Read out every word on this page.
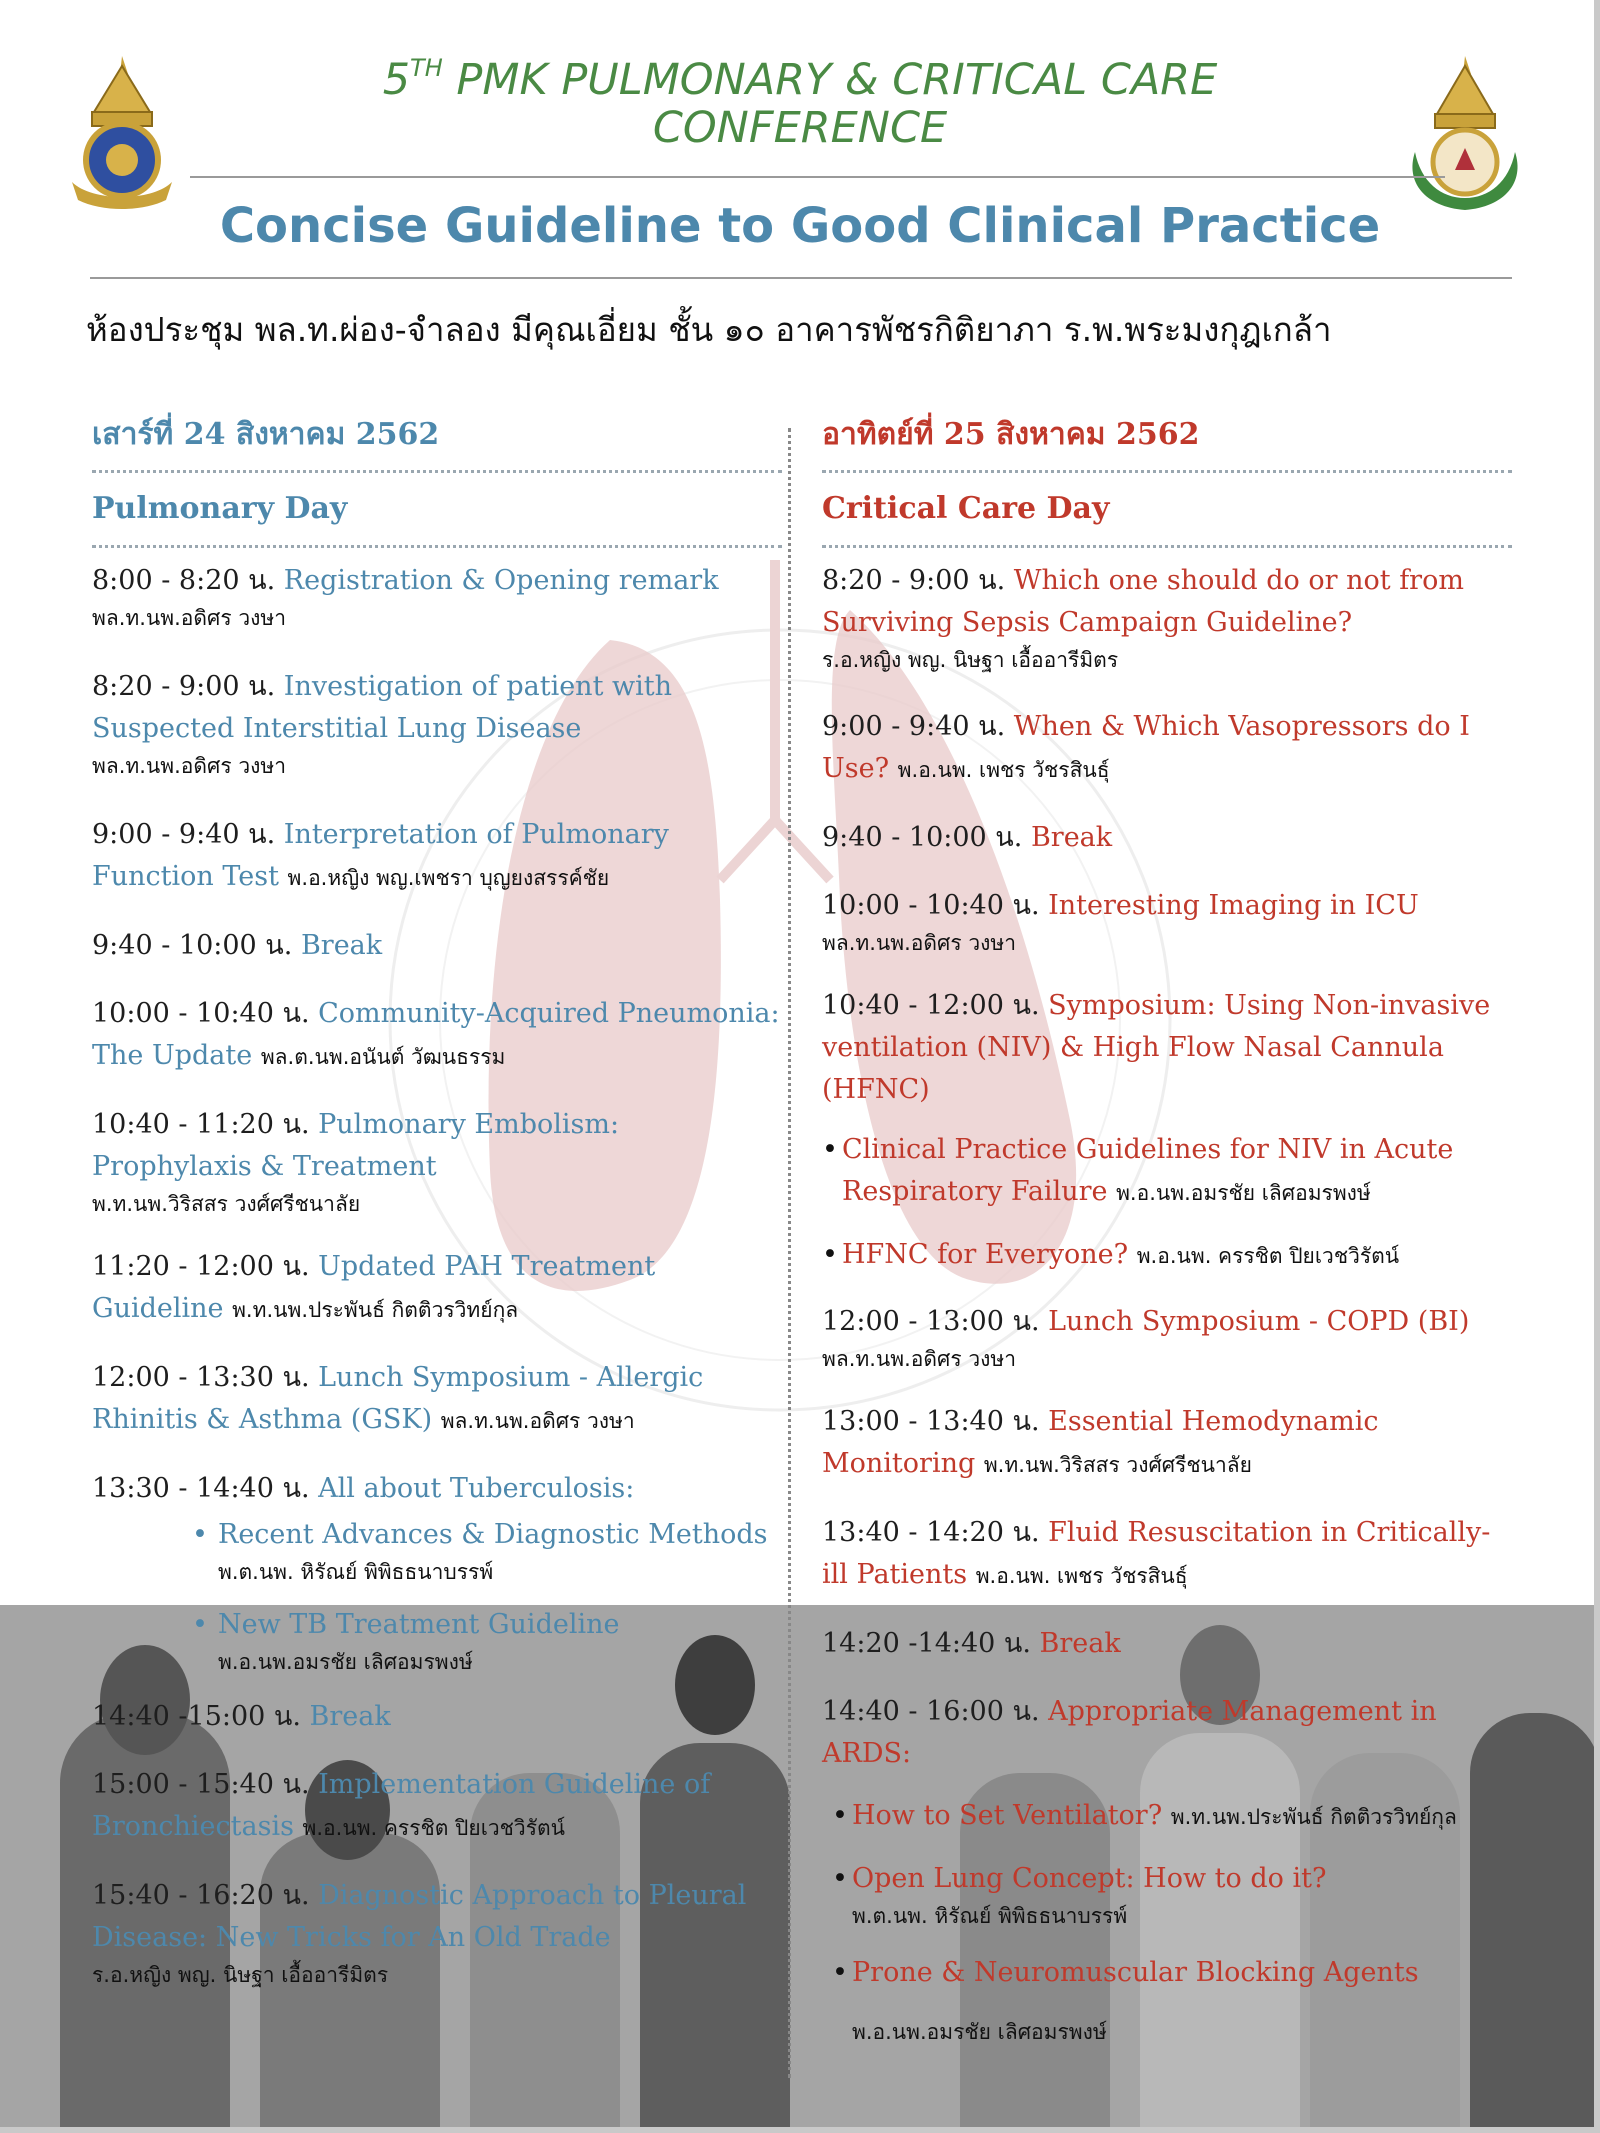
5TH PMK PULMONARY & CRITICAL CARE
CONFERENCE
Concise Guideline to Good Clinical Practice
ห้องประชุม พล.ท.ผ่อง-จำลอง มีคุณเอี่ยม ชั้น ๑๐ อาคารพัชรกิติยาภา ร.พ.พระมงกุฎเกล้า
เสาร์ที่ 24 สิงหาคม 2562
Pulmonary Day
8:00 - 8:20 น. Registration & Opening remark
พล.ท.นพ.อดิศร วงษา
8:20 - 9:00 น. Investigation of patient with Suspected Interstitial Lung Disease
พล.ท.นพ.อดิศร วงษา
9:00 - 9:40 น. Interpretation of Pulmonary Function Test พ.อ.หญิง พญ.เพชรา บุญยงสรรค์ชัย
9:40 - 10:00 น. Break
10:00 - 10:40 น. Community-Acquired Pneumonia: The Update พล.ต.นพ.อนันต์ วัฒนธรรม
10:40 - 11:20 น. Pulmonary Embolism: Prophylaxis & Treatment
พ.ท.นพ.วิริสสร วงศ์ศรีชนาลัย
11:20 - 12:00 น. Updated PAH Treatment Guideline พ.ท.นพ.ประพันธ์ กิตติวรวิทย์กุล
12:00 - 13:30 น. Lunch Symposium - Allergic Rhinitis & Asthma (GSK) พล.ท.นพ.อดิศร วงษา
13:30 - 14:40 น. All about Tuberculosis:
• Recent Advances & Diagnostic Methods
พ.ต.นพ. หิรัณย์ พิพิธธนาบรรพ์
• New TB Treatment Guideline
พ.อ.นพ.อมรชัย เลิศอมรพงษ์
14:40 -15:00 น. Break
15:00 - 15:40 น. Implementation Guideline of Bronchiectasis พ.อ.นพ. ครรชิต ปิยเวชวิรัตน์
15:40 - 16:20 น. Diagnostic Approach to Pleural Disease: New Tricks for An Old Trade
ร.อ.หญิง พญ. นิษฐา เอื้ออารีมิตร
อาทิตย์ที่ 25 สิงหาคม 2562
Critical Care Day
8:20 - 9:00 น. Which one should do or not from Surviving Sepsis Campaign Guideline?
ร.อ.หญิง พญ. นิษฐา เอื้ออารีมิตร
9:00 - 9:40 น. When & Which Vasopressors do I Use? พ.อ.นพ. เพชร วัชรสินธุ์
9:40 - 10:00 น. Break
10:00 - 10:40 น. Interesting Imaging in ICU
พล.ท.นพ.อดิศร วงษา
10:40 - 12:00 น. Symposium: Using Non-invasive ventilation (NIV) & High Flow Nasal Cannula (HFNC)
• Clinical Practice Guidelines for NIV in Acute Respiratory Failure พ.อ.นพ.อมรชัย เลิศอมรพงษ์
• HFNC for Everyone? พ.อ.นพ. ครรชิต ปิยเวชวิรัตน์
12:00 - 13:00 น. Lunch Symposium - COPD (BI)
พล.ท.นพ.อดิศร วงษา
13:00 - 13:40 น. Essential Hemodynamic Monitoring พ.ท.นพ.วิริสสร วงศ์ศรีชนาลัย
13:40 - 14:20 น. Fluid Resuscitation in Critically-ill Patients พ.อ.นพ. เพชร วัชรสินธุ์
14:20 -14:40 น. Break
14:40 - 16:00 น. Appropriate Management in ARDS:
• How to Set Ventilator? พ.ท.นพ.ประพันธ์ กิตติวรวิทย์กุล
• Open Lung Concept: How to do it?
พ.ต.นพ. หิรัณย์ พิพิธธนาบรรพ์
• Prone & Neuromuscular Blocking Agents
พ.อ.นพ.อมรชัย เลิศอมรพงษ์
